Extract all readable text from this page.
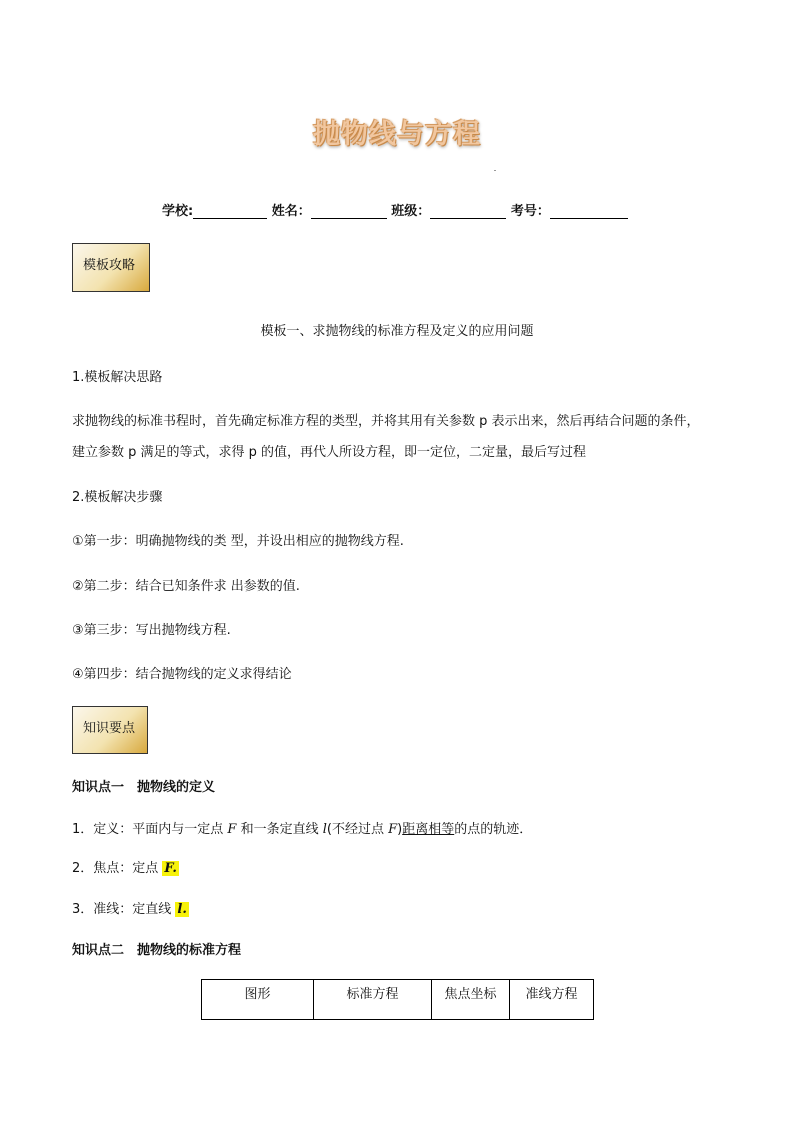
抛物线与方程
学校:	姓名：	班级：	考号：
模板攻略
模板一、求抛物线的标准方程及定义的应用问题
1.模板解决思路
求抛物线的标准书程时，首先确定标准方程的类型，并将其用有关参数 p 表示出来，然后再结合问题的条件，
建立参数 p 满足的等式，求得 p 的值，再代人所设方程，即一定位，二定量，最后写过程
2.模板解决步骤
①第一步：明确抛物线的类 型，并设出相应的抛物线方程.
②第二步：结合已知条件求 出参数的值.
③第三步：写出抛物线方程.
④第四步：结合抛物线的定义求得结论
知识要点
知识点一　抛物线的定义
1．定义：平面内与一定点 F 和一条定直线 l(不经过点 F)距离相等的点的轨迹．
2．焦点：定点 F.
3．准线：定直线 l.
知识点二　抛物线的标准方程
图形	标准方程	焦点坐标	准线方程
